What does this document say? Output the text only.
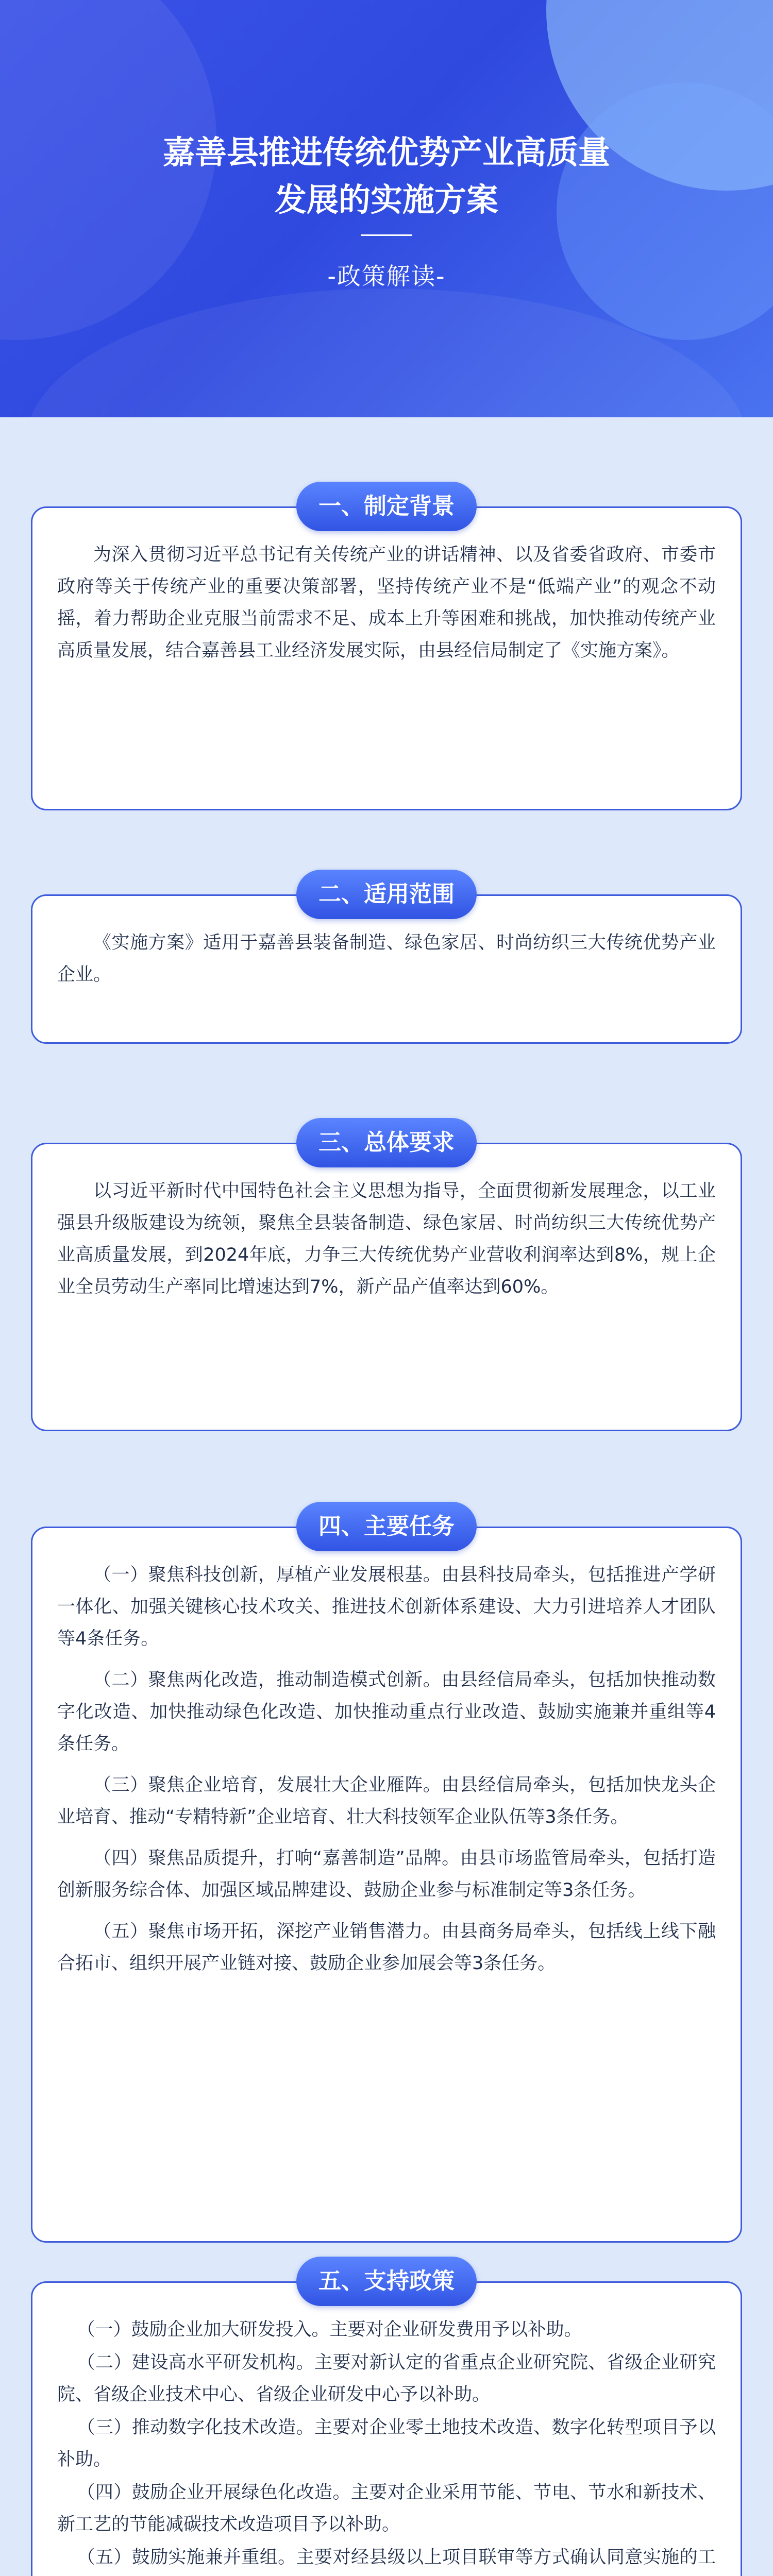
嘉善县推进传统优势产业高质量
发展的实施方案
-政策解读-
一、制定背景

为深入贯彻习近平总书记有关传统产业的讲话精神、以及省委省政府、市委市政府等关于传统产业的重要决策部署，坚持传统产业不是“低端产业”的观念不动摇，着力帮助企业克服当前需求不足、成本上升等困难和挑战，加快推动传统产业高质量发展，结合嘉善县工业经济发展实际，由县经信局制定了《实施方案》。

二、适用范围

《实施方案》适用于嘉善县装备制造、绿色家居、时尚纺织三大传统优势产业企业。

三、总体要求

以习近平新时代中国特色社会主义思想为指导，全面贯彻新发展理念，以工业强县升级版建设为统领，聚焦全县装备制造、绿色家居、时尚纺织三大传统优势产业高质量发展，到2024年底，力争三大传统优势产业营收利润率达到8%，规上企业全员劳动生产率同比增速达到7%，新产品产值率达到60%。

四、主要任务

（一）聚焦科技创新，厚植产业发展根基。由县科技局牵头，包括推进产学研一体化、加强关键核心技术攻关、推进技术创新体系建设、大力引进培养人才团队等4条任务。

（二）聚焦两化改造，推动制造模式创新。由县经信局牵头，包括加快推动数字化改造、加快推动绿色化改造、加快推动重点行业改造、鼓励实施兼并重组等4条任务。

（三）聚焦企业培育，发展壮大企业雁阵。由县经信局牵头，包括加快龙头企业培育、推动“专精特新”企业培育、壮大科技领军企业队伍等3条任务。

（四）聚焦品质提升，打响“嘉善制造”品牌。由县市场监管局牵头，包括打造创新服务综合体、加强区域品牌建设、鼓励企业参与标准制定等3条任务。

（五）聚焦市场开拓，深挖产业销售潜力。由县商务局牵头，包括线上线下融合拓市、组织开展产业链对接、鼓励企业参加展会等3条任务。

五、支持政策

（一）鼓励企业加大研发投入。主要对企业研发费用予以补助。

（二）建设高水平研发机构。主要对新认定的省重点企业研究院、省级企业研究院、省级企业技术中心、省级企业研发中心予以补助。

（三）推动数字化技术改造。主要对企业零土地技术改造、数字化转型项目予以补助。

（四）鼓励企业开展绿色化改造。主要对企业采用节能、节电、节水和新技术、新工艺的节能减碳技术改造项目予以补助。

（五）鼓励实施兼并重组。主要对经县级以上项目联审等方式确认同意实施的工
